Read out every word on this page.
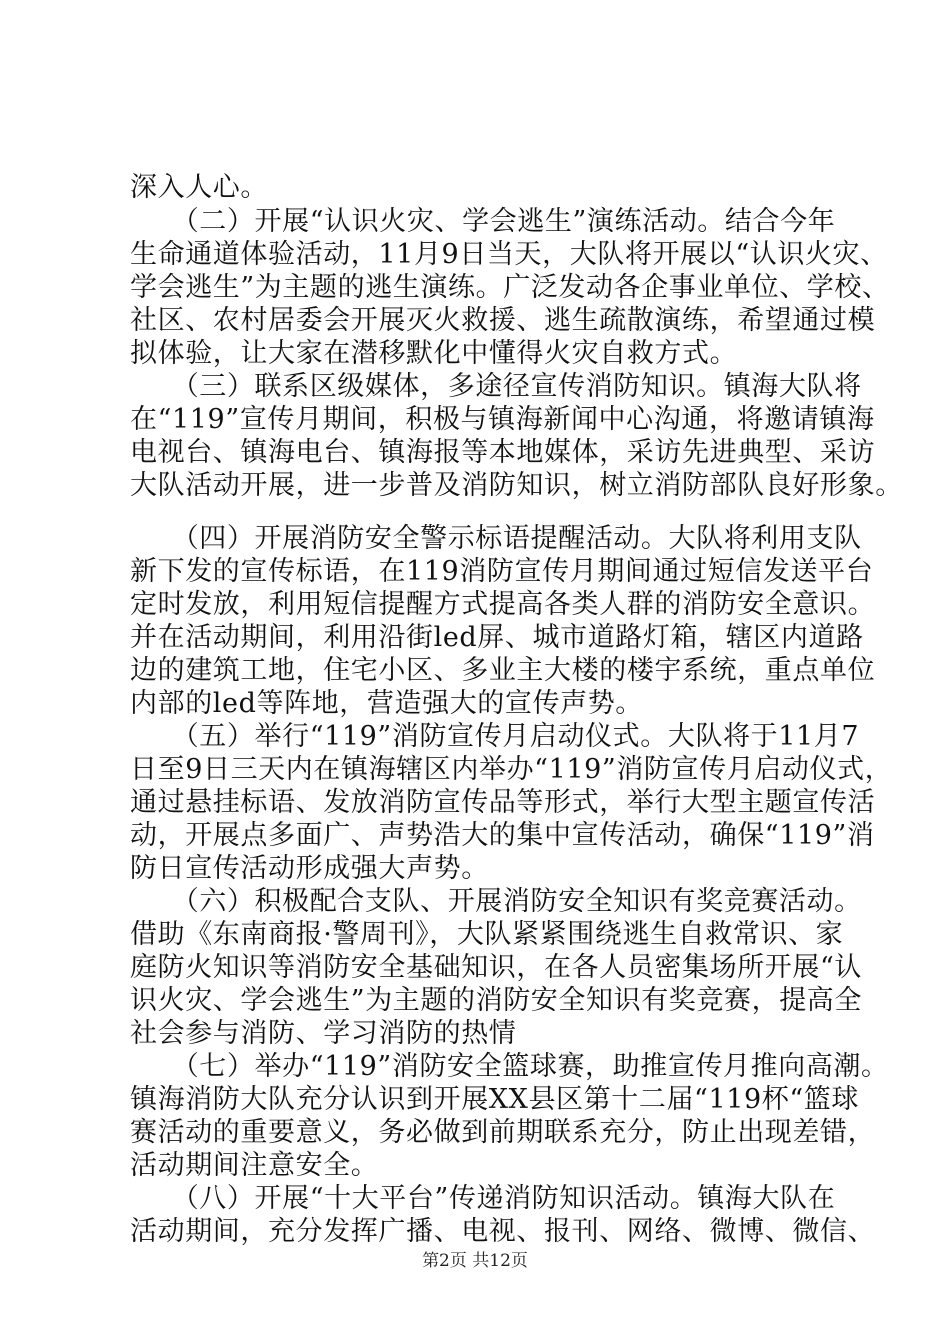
深入人心。
　　（二）开展“认识火灾、学会逃生”演练活动。结合今年
生命通道体验活动，11月9日当天，大队将开展以“认识火灾、
学会逃生”为主题的逃生演练。广泛发动各企事业单位、学校、
社区、农村居委会开展灭火救援、逃生疏散演练，希望通过模
拟体验，让大家在潜移默化中懂得火灾自救方式。
　　（三）联系区级媒体，多途径宣传消防知识。镇海大队将
在“119”宣传月期间，积极与镇海新闻中心沟通，将邀请镇海
电视台、镇海电台、镇海报等本地媒体，采访先进典型、采访
大队活动开展，进一步普及消防知识，树立消防部队良好形象。
　　（四）开展消防安全警示标语提醒活动。大队将利用支队
新下发的宣传标语，在119消防宣传月期间通过短信发送平台
定时发放，利用短信提醒方式提高各类人群的消防安全意识。
并在活动期间，利用沿街led屏、城市道路灯箱，辖区内道路
边的建筑工地，住宅小区、多业主大楼的楼宇系统，重点单位
内部的led等阵地，营造强大的宣传声势。
　　（五）举行“119”消防宣传月启动仪式。大队将于11月7
日至9日三天内在镇海辖区内举办“119”消防宣传月启动仪式，
通过悬挂标语、发放消防宣传品等形式，举行大型主题宣传活
动，开展点多面广、声势浩大的集中宣传活动，确保“119”消
防日宣传活动形成强大声势。
　　（六）积极配合支队、开展消防安全知识有奖竞赛活动。
借助《东南商报·警周刊》，大队紧紧围绕逃生自救常识、家
庭防火知识等消防安全基础知识，在各人员密集场所开展“认
识火灾、学会逃生”为主题的消防安全知识有奖竞赛，提高全
社会参与消防、学习消防的热情
　　（七）举办“119”消防安全篮球赛，助推宣传月推向高潮。
镇海消防大队充分认识到开展XX县区第十二届“119杯“篮球
赛活动的重要意义，务必做到前期联系充分，防止出现差错，
活动期间注意安全。
　　（八）开展“十大平台”传递消防知识活动。镇海大队在
活动期间，充分发挥广播、电视、报刊、网络、微博、微信、
第2页 共12页
